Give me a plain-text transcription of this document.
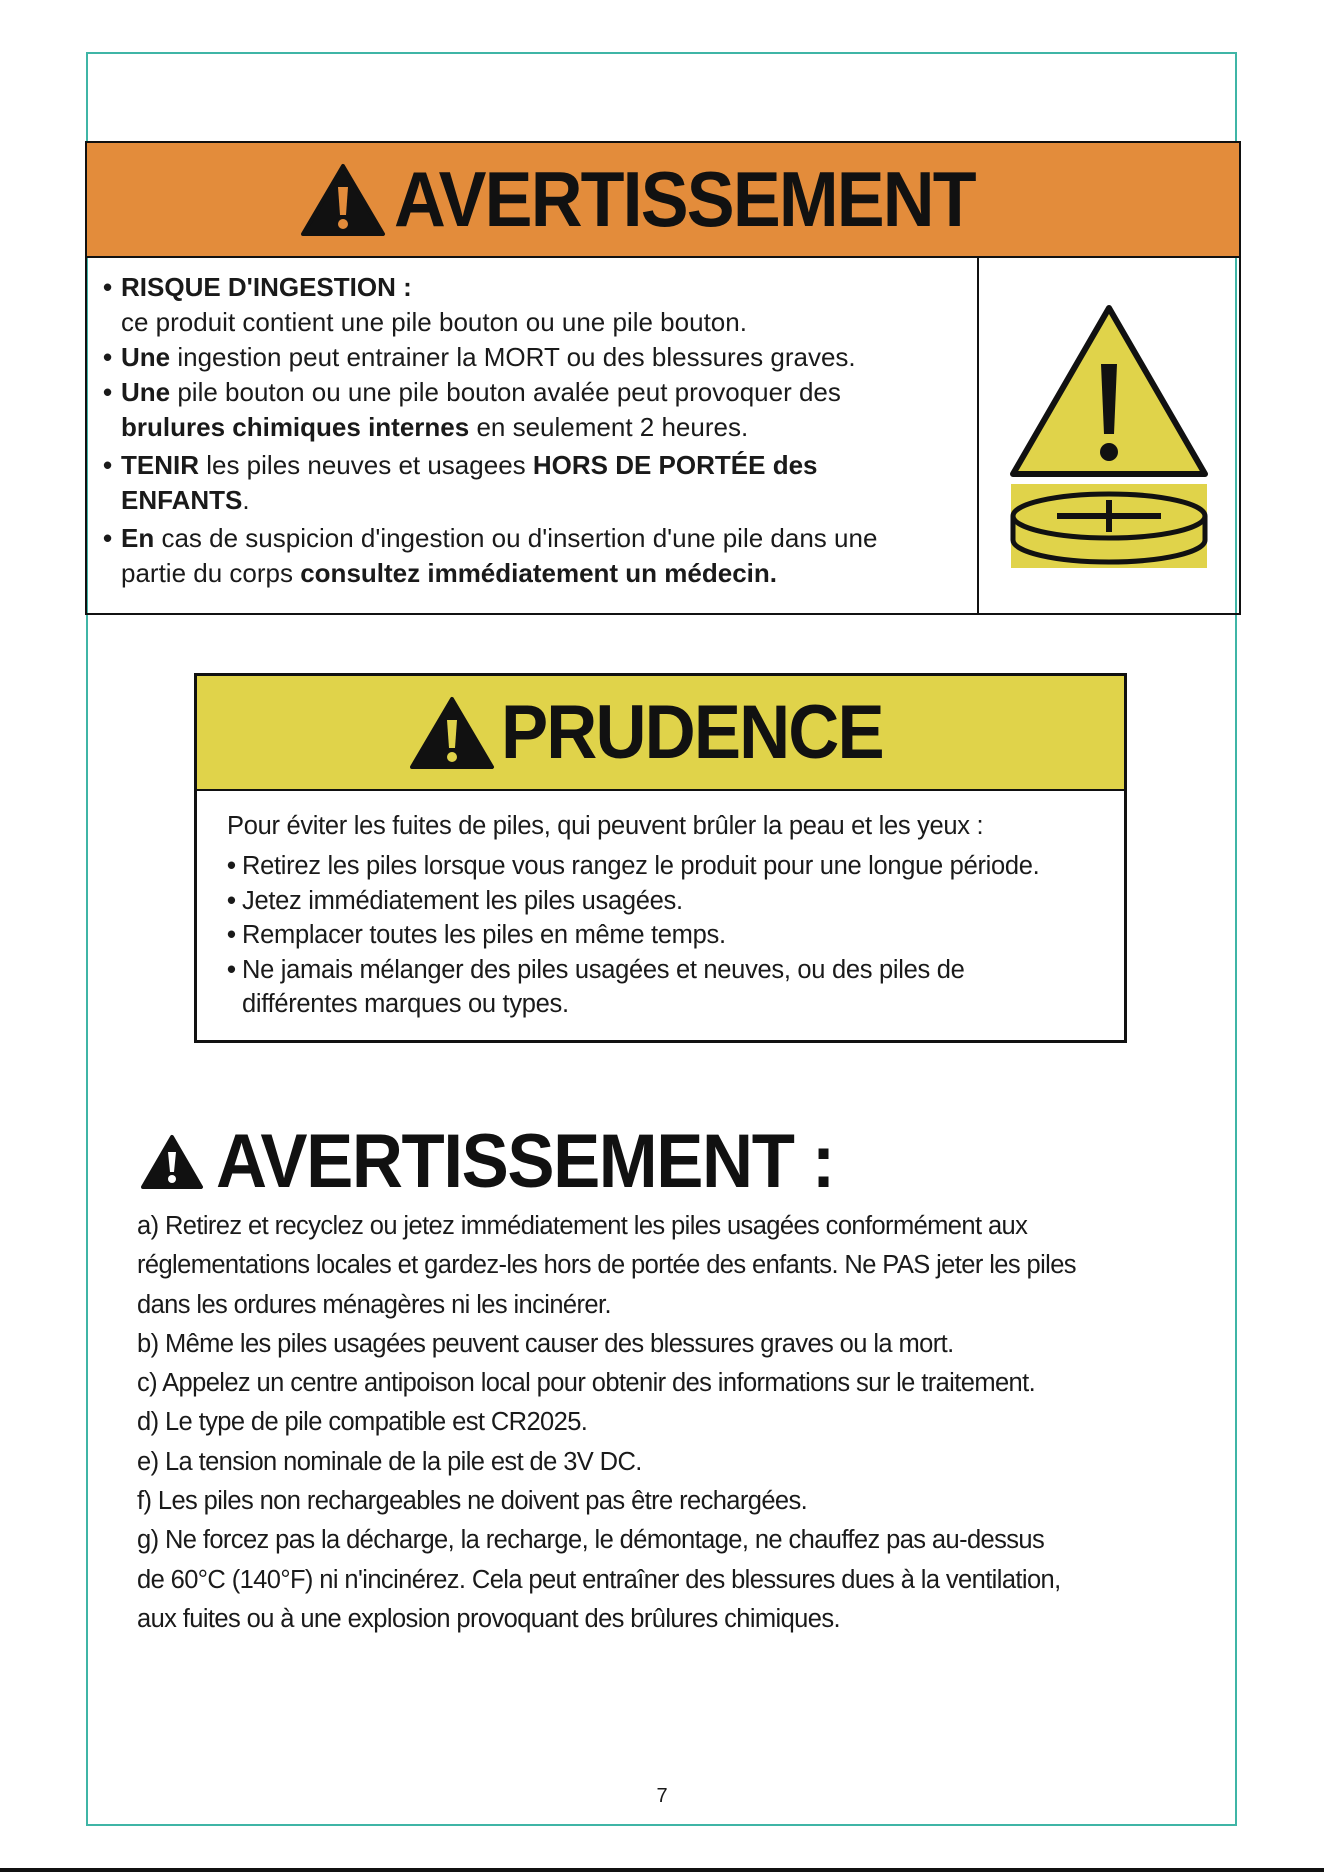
AVERTISSEMENT
• RISQUE D'INGESTION :
ce produit contient une pile bouton ou une pile bouton.
• Une ingestion peut entrainer la MORT ou des blessures graves.
• Une pile bouton ou une pile bouton avalée peut provoquer des
brulures chimiques internes en seulement 2 heures.
• TENIR les piles neuves et usagees HORS DE PORTÉE des
ENFANTS.
• En cas de suspicion d'ingestion ou d'insertion d'une pile dans une
partie du corps consultez immédiatement un médecin.
PRUDENCE
Pour éviter les fuites de piles, qui peuvent brûler la peau et les yeux :
• Retirez les piles lorsque vous rangez le produit pour une longue période.
• Jetez immédiatement les piles usagées.
• Remplacer toutes les piles en même temps.
• Ne jamais mélanger des piles usagées et neuves, ou des piles de
différentes marques ou types.
AVERTISSEMENT :

a) Retirez et recyclez ou jetez immédiatement les piles usagées conformément aux

réglementations locales et gardez-les hors de portée des enfants. Ne PAS jeter les piles

dans les ordures ménagères ni les incinérer.

b) Même les piles usagées peuvent causer des blessures graves ou la mort.

c) Appelez un centre antipoison local pour obtenir des informations sur le traitement.

d) Le type de pile compatible est CR2025.

e) La tension nominale de la pile est de 3V DC.

f) Les piles non rechargeables ne doivent pas être rechargées.

g) Ne forcez pas la décharge, la recharge, le démontage, ne chauffez pas au-dessus

de 60°C (140°F) ni n'incinérez. Cela peut entraîner des blessures dues à la ventilation,

aux fuites ou à une explosion provoquant des brûlures chimiques.

7
